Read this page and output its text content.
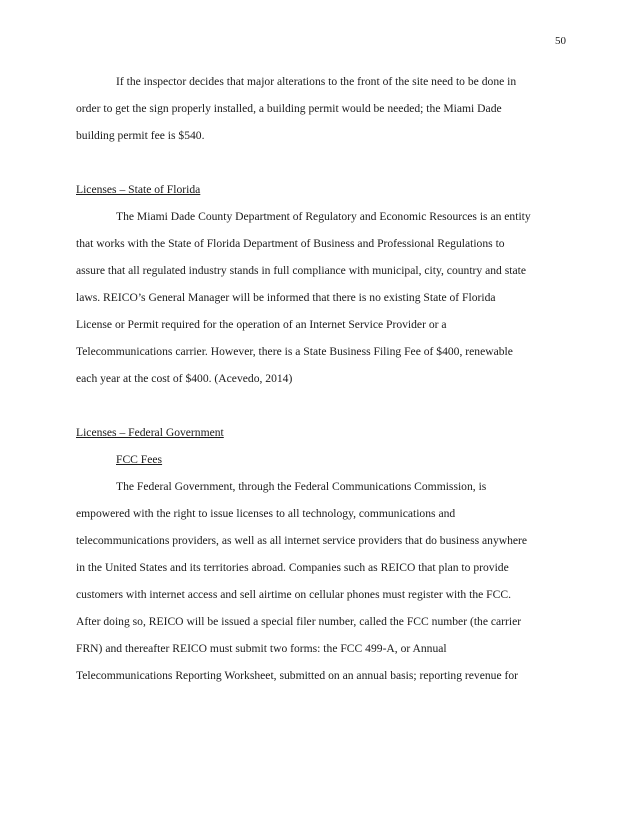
50
If the inspector decides that major alterations to the front of the site need to be done in
order to get the sign properly installed, a building permit would be needed; the Miami Dade
building permit fee is $540.
Licenses – State of Florida
The Miami Dade County Department of Regulatory and Economic Resources is an entity
that works with the State of Florida Department of Business and Professional Regulations to
assure that all regulated industry stands in full compliance with municipal, city, country and state
laws. REICO’s General Manager will be informed that there is no existing State of Florida
License or Permit required for the operation of an Internet Service Provider or a
Telecommunications carrier. However, there is a State Business Filing Fee of $400, renewable
each year at the cost of $400. (Acevedo, 2014)
Licenses – Federal Government
FCC Fees
The Federal Government, through the Federal Communications Commission, is
empowered with the right to issue licenses to all technology, communications and
telecommunications providers, as well as all internet service providers that do business anywhere
in the United States and its territories abroad. Companies such as REICO that plan to provide
customers with internet access and sell airtime on cellular phones must register with the FCC.
After doing so, REICO will be issued a special filer number, called the FCC number (the carrier
FRN) and thereafter REICO must submit two forms: the FCC 499-A, or Annual
Telecommunications Reporting Worksheet, submitted on an annual basis; reporting revenue for
